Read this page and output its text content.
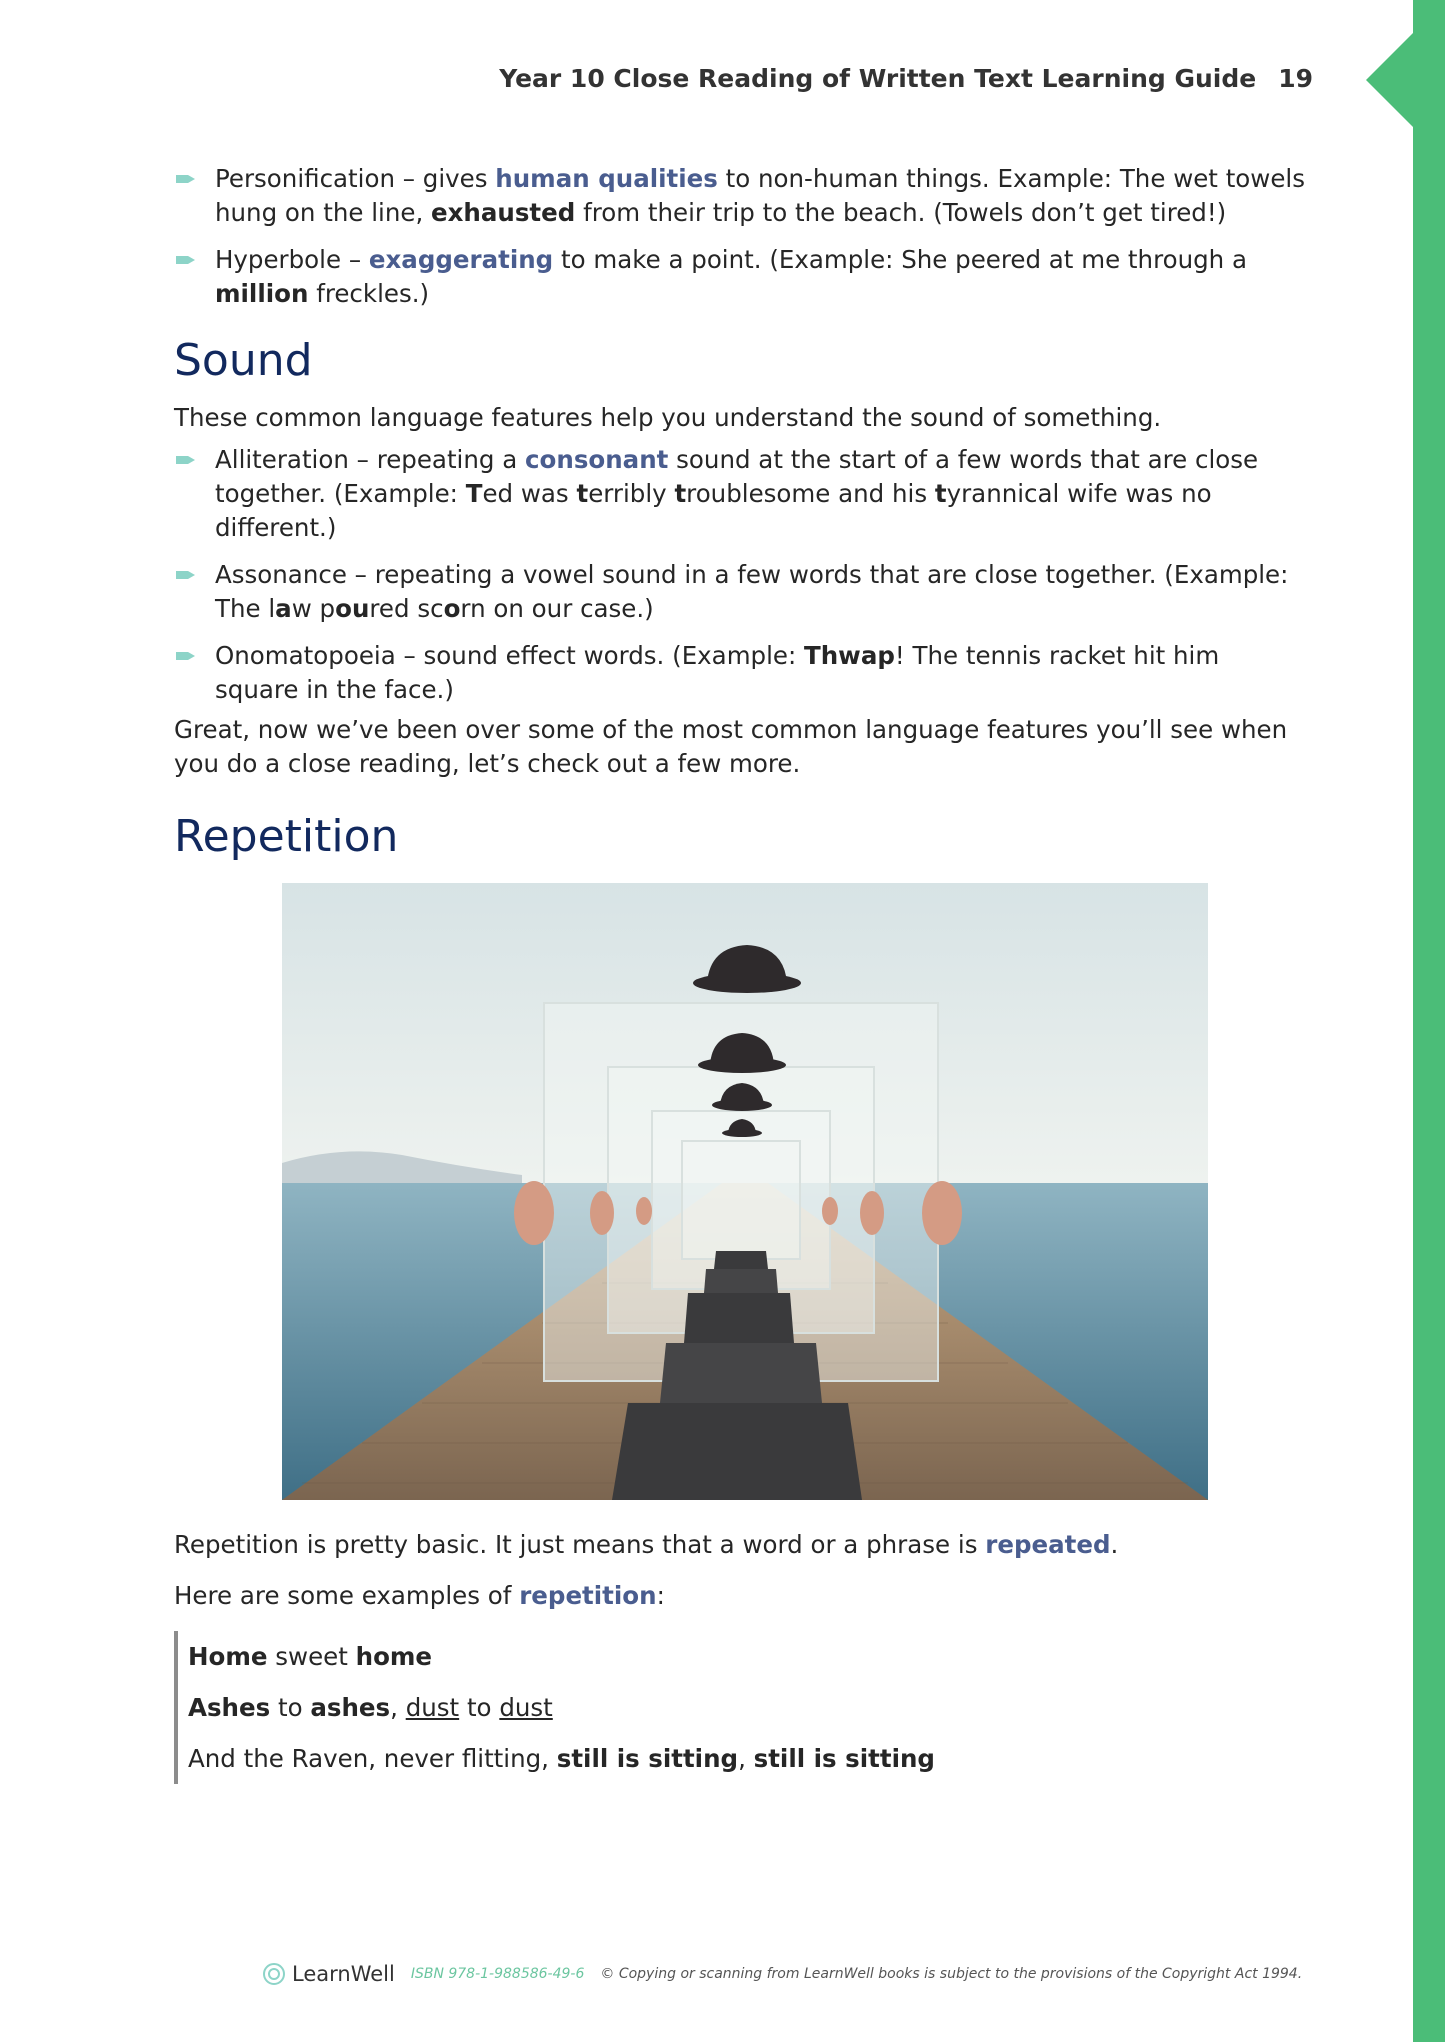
Year 10 Close Reading of Written Text Learning Guide 19
Personification – gives human qualities to non-human things. Example: The wet towels hung on the line, exhausted from their trip to the beach. (Towels don’t get tired!)
Hyperbole – exaggerating to make a point. (Example: She peered at me through a million freckles.)
Sound

These common language features help you understand the sound of something.

Alliteration – repeating a consonant sound at the start of a few words that are close together. (Example: Ted was terribly troublesome and his tyrannical wife was no different.)
Assonance – repeating a vowel sound in a few words that are close together. (Example: The law poured scorn on our case.)
Onomatopoeia – sound effect words. (Example: Thwap! The tennis racket hit him square in the face.)

Great, now we’ve been over some of the most common language features you’ll see when you do a close reading, let’s check out a few more.

Repetition

Repetition is pretty basic. It just means that a word or a phrase is repeated.

Here are some examples of repetition:

Home sweet home

Ashes to ashes, dust to dust

And the Raven, never flitting, still is sitting, still is sitting

LearnWell ISBN 978-1-988586-49-6 © Copying or scanning from LearnWell books is subject to the provisions of the Copyright Act 1994.
